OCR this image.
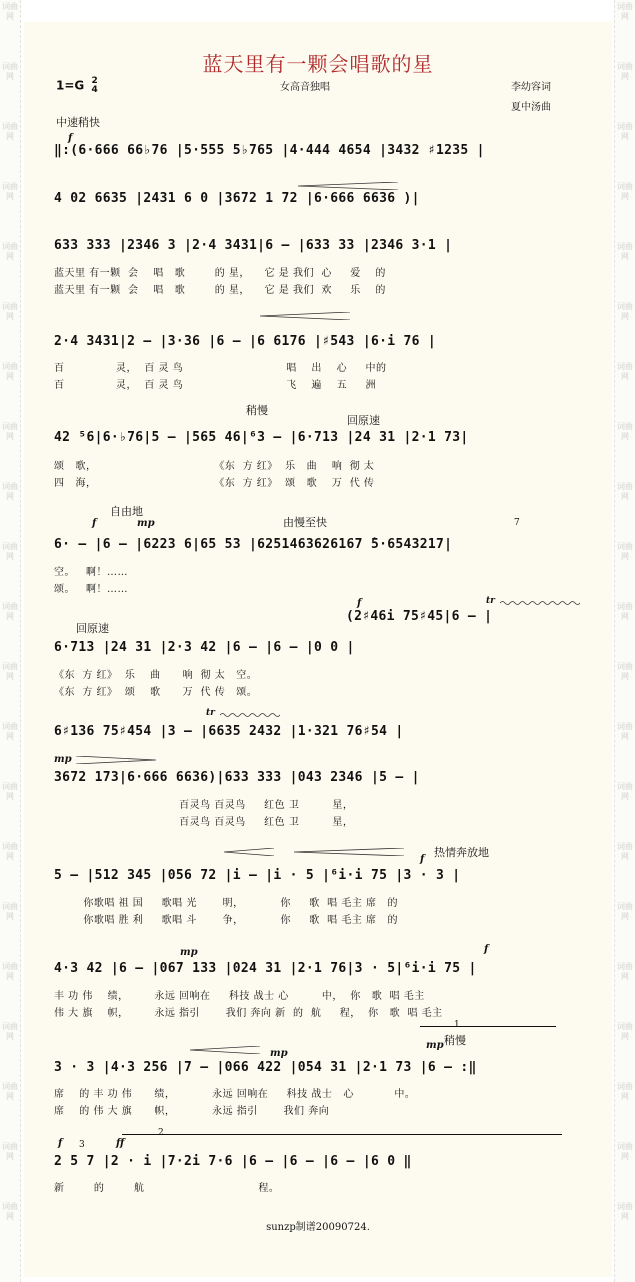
词曲网
词曲网
词曲网
词曲网
词曲网
词曲网
词曲网
词曲网
词曲网
词曲网
词曲网
词曲网
词曲网
词曲网
词曲网
词曲网
词曲网
词曲网
词曲网
词曲网
词曲网
词曲网
词曲网
词曲网
词曲网
词曲网
词曲网
词曲网
词曲网
词曲网
词曲网
词曲网
词曲网
词曲网
词曲网
词曲网
词曲网
词曲网
词曲网
词曲网
词曲网
词曲网
蓝天里有一颗会唱歌的星
1=G 2
4	女高音独唱	李幼容词
夏中汤曲
中速稍快
f
‖:(6·666 66♭76 |5·555 5♭765 |4·444 4654 |3432 ♯1235 |
4 02 6635 |2431 6 0 |3672 1 72 |6·666 6636 )|
633 333 |2346 3 |2·4 3431|6 – |633 33 |2346 3·1 |
蓝天里 有一颗  会    唱   歌        的 星，    它 是 我们  心     爱    的
蓝天里 有一颗  会    唱   歌        的 星，    它 是 我们  欢     乐    的
2·4 3431|2 – |3·36 |6 – |6 6176 |♯543 |6·i 76 |
百              灵，  百 灵 鸟                            唱    出    心     中的
百              灵，  百 灵 鸟                            飞    遍    五     洲
稍慢
回原速
42 ⁵6|6·♭76|5 – |565 46|⁶3 – |6·713 |24 31 |2·1 73|
颂   歌，                                《东  方 红》  乐   曲    响  彻 太
四   海，                                《东  方 红》  颂   歌    万  代 传
自由地
由慢至快
f	mp	7
6· – |6 – |6223 6|65 53 |6251463626167 ̇5·6543217|
空。   啊！……
颂。   啊！……
f	tr
(2♯46i 75♯45|6 – |
回原速
6·713 |24 31 |2·3 42 |6 – |6 – |0 0 |
《东  方 红》  乐    曲      响  彻 太   空。
《东  方 红》  颂    歌      万  代 传   颂。
tr
6♯136 75♯454 |3 – |6635 2432 |1·321 76♯54 |
mp
3672 173|6·666 6636)|633 333 |043 2346 |5 – |
百灵鸟 百灵鸟     红色 卫         星，
百灵鸟 百灵鸟     红色 卫         星，
热情奔放地
f
5 – |512 345 |056 72 |i – |i · 5 |⁶i·i 75 |3 · 3 |
你歌唱 祖 国     歌唱 光       明，          你     歌  唱 毛主 席   的
你歌唱 胜 利     歌唱 斗       争，          你     歌  唱 毛主 席   的
mp	f
4·3 42 |6 – |067 133 |024 31 |2·1 76|3 · 5|⁶i·i 75 |
丰 功 伟    绩，       永远 回响在     科技 战士 心         中，  你   歌  唱 毛主
伟 大 旗    帜，       永远 指引       我们 奔向 新  的  航     程，  你   歌  唱 毛主
1
稍慢
mp
mp
3 · 3 |4·3 256 |7 – |066 422 |054 31 |2·1 73 |6 – :‖
席    的 丰 功 伟      绩，          永远 回响在     科技 战士   心           中。
席    的 伟 大 旗      帜，          永远 指引       我们 奔向
2
f 3	ff
2 5 7 |2 · i |7·2i 7·6 |6 – |6 – |6 – |6 0 ‖
新        的        航                               程。
sunzp制谱20090724.
